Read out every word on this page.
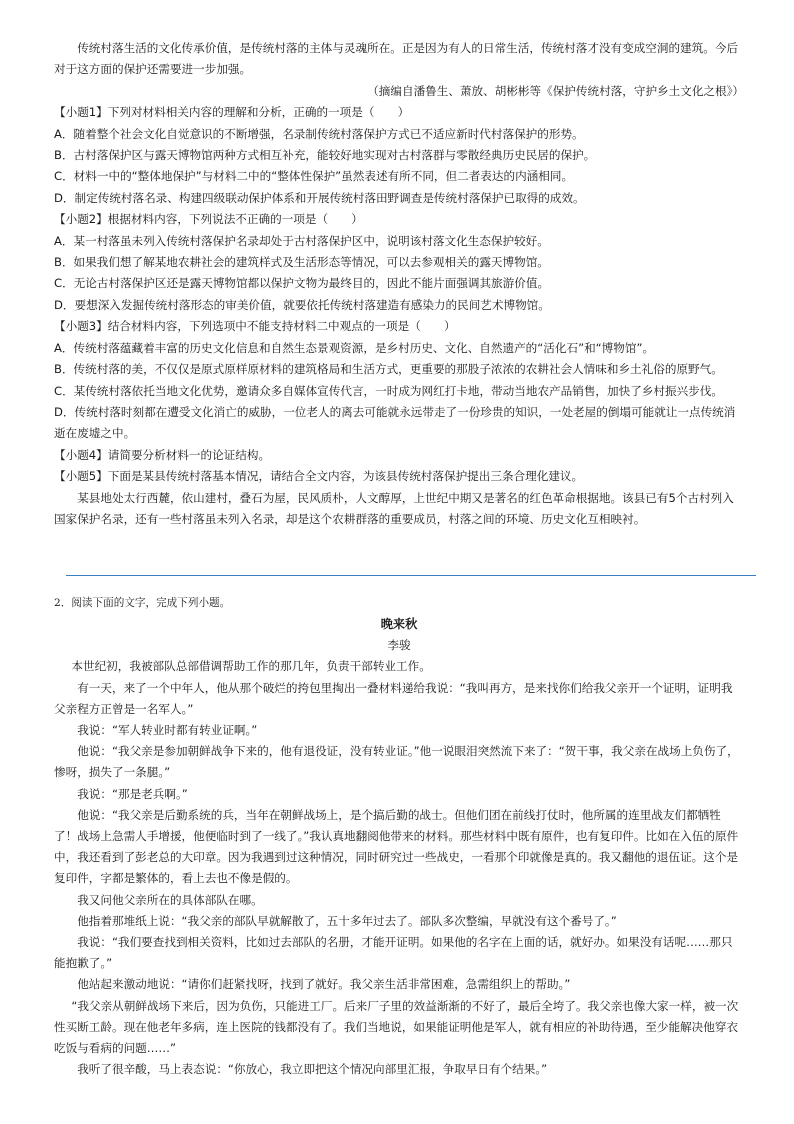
传统村落生活的文化传承价值，是传统村落的主体与灵魂所在。正是因为有人的日常生活，传统村落才没有变成空洞的建筑。今后对于这方面的保护还需要进一步加强。

（摘编自潘鲁生、萧放、胡彬彬等《保护传统村落，守护乡土文化之根》）

【小题1】下列对材料相关内容的理解和分析，正确的一项是（　　）

A．随着整个社会文化自觉意识的不断增强，名录制传统村落保护方式已不适应新时代村落保护的形势。

B．古村落保护区与露天博物馆两种方式相互补充，能较好地实现对古村落群与零散经典历史民居的保护。

C．材料一中的“整体地保护”与材料二中的“整体性保护”虽然表述有所不同，但二者表达的内涵相同。

D．制定传统村落名录、构建四级联动保护体系和开展传统村落田野调查是传统村落保护已取得的成效。

【小题2】根据材料内容，下列说法不正确的一项是（　　）

A．某一村落虽未列入传统村落保护名录却处于古村落保护区中，说明该村落文化生态保护较好。

B．如果我们想了解某地农耕社会的建筑样式及生活形态等情况，可以去参观相关的露天博物馆。

C．无论古村落保护区还是露天博物馆都以保护文物为最终目的，因此不能片面强调其旅游价值。

D．要想深入发掘传统村落形态的审美价值，就要依托传统村落建造有感染力的民间艺术博物馆。

【小题3】结合材料内容，下列选项中不能支持材料二中观点的一项是（　　）

A．传统村落蕴藏着丰富的历史文化信息和自然生态景观资源，是乡村历史、文化、自然遗产的“活化石”和“博物馆”。

B．传统村落的美，不仅仅是原式原样原材料的建筑格局和生活方式，更重要的那股子浓浓的农耕社会人情味和乡土礼俗的原野气。

C．某传统村落依托当地文化优势，邀请众多自媒体宣传代言，一时成为网红打卡地，带动当地农产品销售，加快了乡村振兴步伐。

D．传统村落时刻都在遭受文化消亡的威胁，一位老人的离去可能就永远带走了一份珍贵的知识，一处老屋的倒塌可能就让一点传统消逝在废墟之中。

【小题4】请简要分析材料一的论证结构。

【小题5】下面是某县传统村落基本情况，请结合全文内容，为该县传统村落保护提出三条合理化建议。

某县地处太行西麓，依山建村，叠石为屋，民风质朴，人文醇厚，上世纪中期又是著名的红色革命根据地。该县已有5个古村列入国家保护名录，还有一些村落虽未列入名录，却是这个农耕群落的重要成员，村落之间的环境、历史文化互相映衬。

2．阅读下面的文字，完成下列小题。

晚来秋

李骏

本世纪初，我被部队总部借调帮助工作的那几年，负责干部转业工作。

有一天，来了一个中年人，他从那个破烂的挎包里掏出一叠材料递给我说：“我叫再方，是来找你们给我父亲开一个证明，证明我父亲程方正曾是一名军人。”

我说：“军人转业时都有转业证啊。”

他说：“我父亲是参加朝鲜战争下来的，他有退役证，没有转业证。”他一说眼泪突然流下来了：“贺干事，我父亲在战场上负伤了，惨呀，损失了一条腿。”

我说：“那是老兵啊。”

他说：“我父亲是后勤系统的兵，当年在朝鲜战场上，是个搞后勤的战士。但他们团在前线打仗时，他所属的连里战友们都牺牲了！战场上急需人手增援，他便临时到了一线了。”我认真地翻阅他带来的材料。那些材料中既有原件，也有复印件。比如在入伍的原件中，我还看到了彭老总的大印章。因为我遇到过这种情况，同时研究过一些战史，一看那个印就像是真的。我又翻他的退伍证。这个是复印件，字都是繁体的，看上去也不像是假的。

我又问他父亲所在的具体部队在哪。

他指着那堆纸上说：“我父亲的部队早就解散了，五十多年过去了。部队多次整编，早就没有这个番号了。”

我说：“我们要查找到相关资料，比如过去部队的名册，才能开证明。如果他的名字在上面的话，就好办。如果没有话呢……那只能抱歉了。”

他站起来激动地说：“请你们赶紧找呀，找到了就好。我父亲生活非常困难，急需组织上的帮助。”

“我父亲从朝鲜战场下来后，因为负伤，只能进工厂。后来厂子里的效益渐渐的不好了，最后全垮了。我父亲也像大家一样，被一次性买断工龄。现在他老年多病，连上医院的钱都没有了。我们当地说，如果能证明他是军人，就有相应的补助待遇，至少能解决他穿衣吃饭与看病的问题……”

我听了很辛酸，马上表态说：“你放心，我立即把这个情况向部里汇报，争取早日有个结果。”
